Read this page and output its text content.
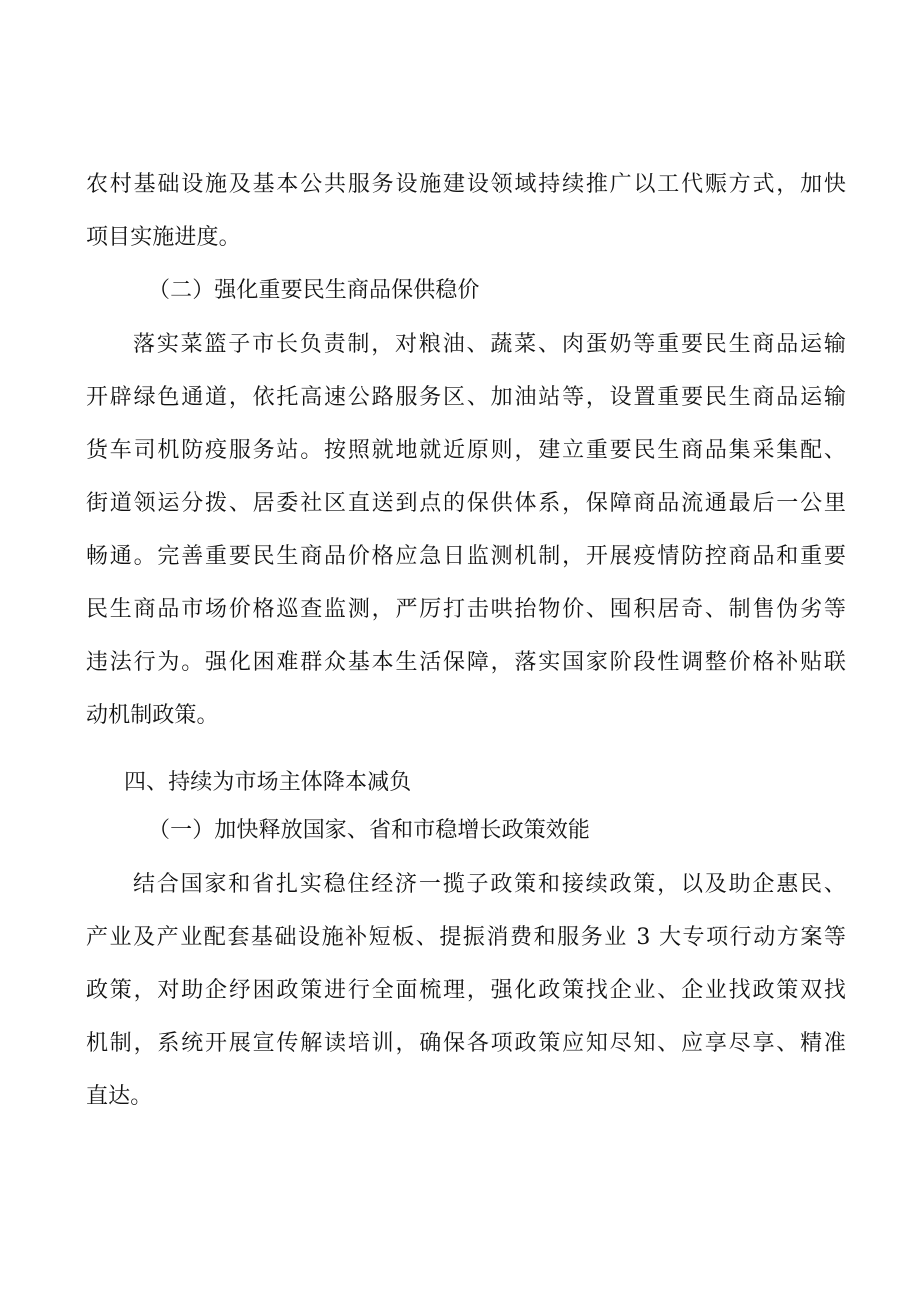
农村基础设施及基本公共服务设施建设领域持续推广以工代赈方式，加快
项目实施进度。
（二）强化重要民生商品保供稳价
落实菜篮子市长负责制，对粮油、蔬菜、肉蛋奶等重要民生商品运输
开辟绿色通道，依托高速公路服务区、加油站等，设置重要民生商品运输
货车司机防疫服务站。按照就地就近原则，建立重要民生商品集采集配、
街道领运分拨、居委社区直送到点的保供体系，保障商品流通最后一公里
畅通。完善重要民生商品价格应急日监测机制，开展疫情防控商品和重要
民生商品市场价格巡查监测，严厉打击哄抬物价、囤积居奇、制售伪劣等
违法行为。强化困难群众基本生活保障，落实国家阶段性调整价格补贴联
动机制政策。
四、持续为市场主体降本减负
（一）加快释放国家、省和市稳增长政策效能
结合国家和省扎实稳住经济一揽子政策和接续政策，以及助企惠民、
产业及产业配套基础设施补短板、提振消费和服务业 3 大专项行动方案等
政策，对助企纾困政策进行全面梳理，强化政策找企业、企业找政策双找
机制，系统开展宣传解读培训，确保各项政策应知尽知、应享尽享、精准
直达。
